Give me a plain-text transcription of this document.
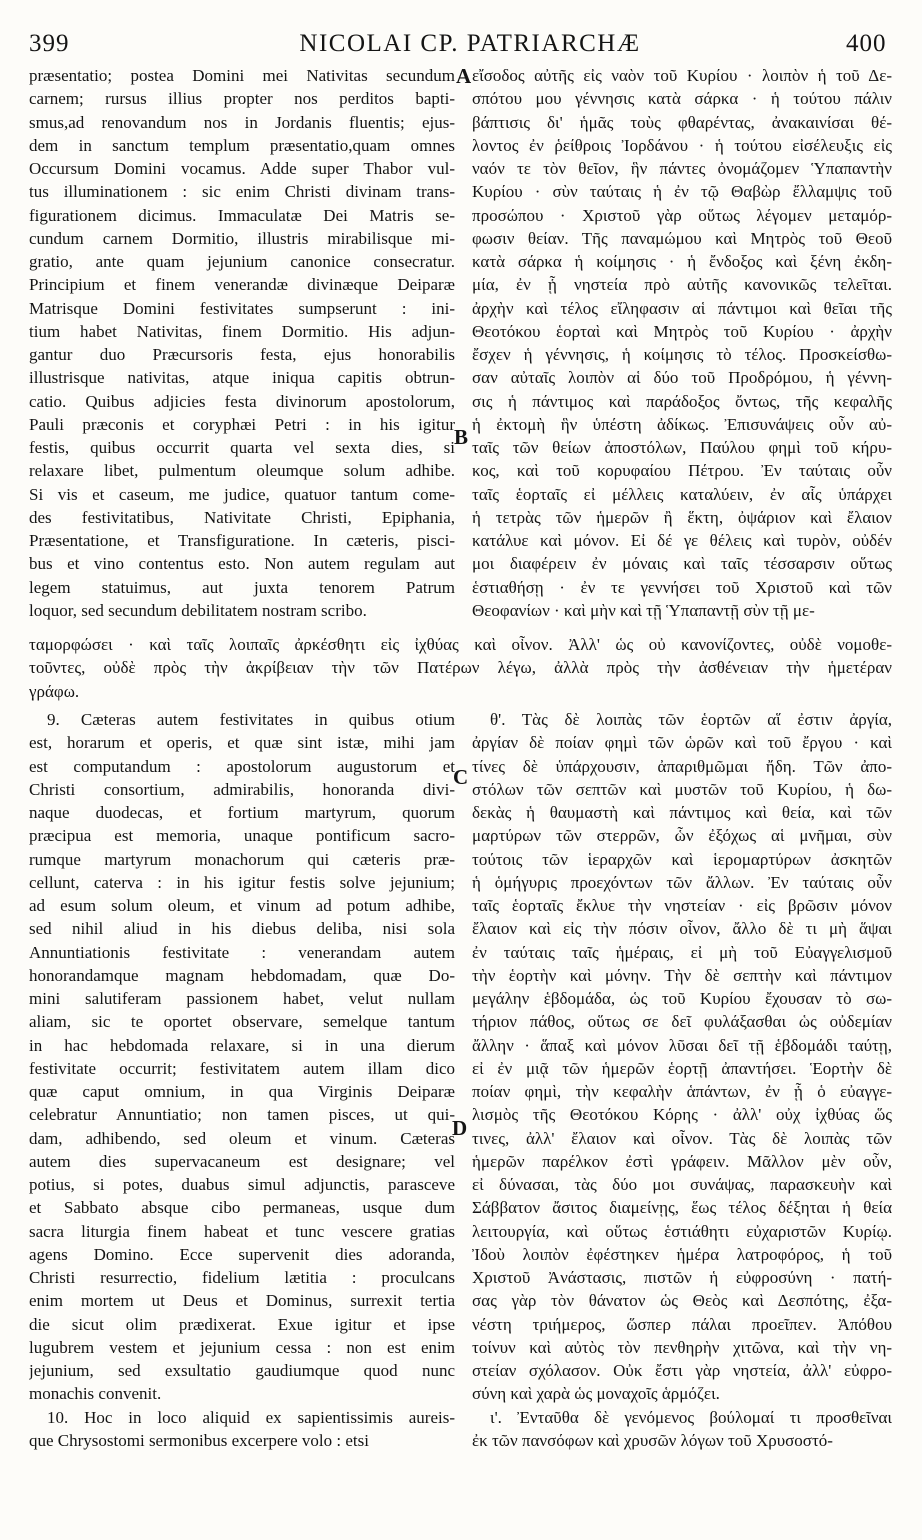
399	NICOLAI CP. PATRIARCHÆ	400
A
B
C
D
præsentatio; postea Domini mei Nativitas secundum
carnem; rursus illius propter nos perditos bapti-
smus,ad renovandum nos in Jordanis fluentis; ejus-
dem in sanctum templum præsentatio,quam omnes
Occursum Domini vocamus. Adde super Thabor vul-
tus illuminationem : sic enim Christi divinam trans-
figurationem dicimus. Immaculatæ Dei Matris se-
cundum carnem Dormitio, illustris mirabilisque mi-
gratio, ante quam jejunium canonice consecratur.
Principium et finem venerandæ divinæque Deiparæ
Matrisque Domini festivitates sumpserunt : ini-
tium habet Nativitas, finem Dormitio. His adjun-
gantur duo Præcursoris festa, ejus honorabilis
illustrisque nativitas, atque iniqua capitis obtrun-
catio. Quibus adjicies festa divinorum apostolorum,
Pauli præconis et coryphæi Petri : in his igitur
festis, quibus occurrit quarta vel sexta dies, si
relaxare libet, pulmentum oleumque solum adhibe.
Si vis et caseum, me judice, quatuor tantum come-
des festivitatibus, Nativitate Christi, Epiphania,
Præsentatione, et Transfiguratione. In cæteris, pisci-
bus et vino contentus esto. Non autem regulam aut
legem statuimus, aut juxta tenorem Patrum
loquor, sed secundum debilitatem nostram scribo.
εἴσοδος αὐτῆς εἰς ναὸν τοῦ Κυρίου · λοιπὸν ἡ τοῦ Δε-
σπότου μου γέννησις κατὰ σάρκα · ἡ τούτου πάλιν
βάπτισις δι' ἡμᾶς τοὺς φθαρέντας, ἀνακαινίσαι θέ-
λοντος ἐν ῥείθροις Ἰορδάνου · ἡ τούτου εἰσέλευξις εἰς
ναόν τε τὸν θεῖον, ἣν πάντες ὀνομάζομεν Ὑπαπαντὴν
Κυρίου · σὺν ταύταις ἡ ἐν τῷ Θαβὼρ ἔλλαμψις τοῦ
προσώπου · Χριστοῦ γὰρ οὕτως λέγομεν μεταμόρ-
φωσιν θείαν. Τῆς παναμώμου καὶ Μητρὸς τοῦ Θεοῦ
κατὰ σάρκα ἡ κοίμησις · ἡ ἔνδοξος καὶ ξένη ἐκδη-
μία, ἐν ᾗ νηστεία πρὸ αὐτῆς κανονικῶς τελεῖται.
ἀρχὴν καὶ τέλος εἴληφασιν αἱ πάντιμοι καὶ θεῖαι τῆς
Θεοτόκου ἑορταὶ καὶ Μητρὸς τοῦ Κυρίου · ἀρχὴν
ἔσχεν ἡ γέννησις, ἡ κοίμησις τὸ τέλος. Προσκείσθω-
σαν αὐταῖς λοιπὸν αἱ δύο τοῦ Προδρόμου, ἡ γέννη-
σις ἡ πάντιμος καὶ παράδοξος ὄντως, τῆς κεφαλῆς
ἡ ἐκτομὴ ἣν ὑπέστη ἀδίκως. Ἐπισυνάψεις οὖν αὐ-
ταῖς τῶν θείων ἀποστόλων, Παύλου φημὶ τοῦ κήρυ-
κος, καὶ τοῦ κορυφαίου Πέτρου. Ἐν ταύταις οὖν
ταῖς ἑορταῖς εἰ μέλλεις καταλύειν, ἐν αἷς ὑπάρχει
ἡ τετρὰς τῶν ἡμερῶν ἢ ἕκτη, ὀψάριον καὶ ἔλαιον
κατάλυε καὶ μόνον. Εἰ δέ γε θέλεις καὶ τυρὸν, οὐδέν
μοι διαφέρειν ἐν μόναις καὶ ταῖς τέσσαρσιν οὕτως
ἑστιαθήσῃ · ἐν τε γεννήσει τοῦ Χριστοῦ καὶ τῶν
Θεοφανίων · καὶ μὴν καὶ τῇ Ὑπαπαντῇ σὺν τῇ με-
ταμορφώσει · καὶ ταῖς λοιπαῖς ἀρκέσθητι εἰς ἰχθύας καὶ οἶνον. Ἀλλ' ὡς οὐ κανονίζοντες, οὐδὲ νομοθε-
τοῦντες, οὐδὲ πρὸς τὴν ἀκρίβειαν τὴν τῶν Πατέρων λέγω, ἀλλὰ πρὸς τὴν ἀσθένειαν τὴν ἡμετέραν
γράφω.
9. Cæteras autem festivitates in quibus otium
est, horarum et operis, et quæ sint istæ, mihi jam
est computandum : apostolorum augustorum et
Christi consortium, admirabilis, honoranda divi-
naque duodecas, et fortium martyrum, quorum
præcipua est memoria, unaque pontificum sacro-
rumque martyrum monachorum qui cæteris præ-
cellunt, caterva : in his igitur festis solve jejunium;
ad esum solum oleum, et vinum ad potum adhibe,
sed nihil aliud in his diebus deliba, nisi sola
Annuntiationis festivitate : venerandam autem
honorandamque magnam hebdomadam, quæ Do-
mini salutiferam passionem habet, velut nullam
aliam, sic te oportet observare, semelque tantum
in hac hebdomada relaxare, si in una dierum
festivitate occurrit; festivitatem autem illam dico
quæ caput omnium, in qua Virginis Deiparæ
celebratur Annuntiatio; non tamen pisces, ut qui-
dam, adhibendo, sed oleum et vinum. Cæteras
autem dies supervacaneum est designare; vel
potius, si potes, duabus simul adjunctis, parasceve
et Sabbato absque cibo permaneas, usque dum
sacra liturgia finem habeat et tunc vescere gratias
agens Domino. Ecce supervenit dies adoranda,
Christi resurrectio, fidelium lætitia : proculcans
enim mortem ut Deus et Dominus, surrexit tertia
die sicut olim prædixerat. Exue igitur et ipse
lugubrem vestem et jejunium cessa : non est enim
jejunium, sed exsultatio gaudiumque quod nunc
monachis convenit.
10. Hoc in loco aliquid ex sapientissimis aureis-
que Chrysostomi sermonibus excerpere volo : etsi
θ'. Τὰς δὲ λοιπὰς τῶν ἑορτῶν αἵ ἐστιν ἀργία,
ἀργίαν δὲ ποίαν φημὶ τῶν ὡρῶν καὶ τοῦ ἔργου · καὶ
τίνες δὲ ὑπάρχουσιν, ἀπαριθμῶμαι ἤδη. Τῶν ἀπο-
στόλων τῶν σεπτῶν καὶ μυστῶν τοῦ Κυρίου, ἡ δω-
δεκὰς ἡ θαυμαστὴ καὶ πάντιμος καὶ θεία, καὶ τῶν
μαρτύρων τῶν στερρῶν, ὧν ἐξόχως αἱ μνῆμαι, σὺν
τούτοις τῶν ἱεραρχῶν καὶ ἱερομαρτύρων ἀσκητῶν
ἡ ὁμήγυρις προεχόντων τῶν ἄλλων. Ἐν ταύταις οὖν
ταῖς ἑορταῖς ἔκλυε τὴν νηστείαν · εἰς βρῶσιν μόνον
ἔλαιον καὶ εἰς τὴν πόσιν οἶνον, ἄλλο δὲ τι μὴ ἅψαι
ἐν ταύταις ταῖς ἡμέραις, εἰ μὴ τοῦ Εὐαγγελισμοῦ
τὴν ἑορτὴν καὶ μόνην. Τὴν δὲ σεπτὴν καὶ πάντιμον
μεγάλην ἑβδομάδα, ὡς τοῦ Κυρίου ἔχουσαν τὸ σω-
τήριον πάθος, οὕτως σε δεῖ φυλάξασθαι ὡς οὐδεμίαν
ἄλλην · ἅπαξ καὶ μόνον λῦσαι δεῖ τῇ ἑβδομάδι ταύτῃ,
εἰ ἐν μιᾷ τῶν ἡμερῶν ἑορτῇ ἀπαντήσει. Ἑορτὴν δὲ
ποίαν φημὶ, τὴν κεφαλὴν ἁπάντων, ἐν ᾗ ὁ εὐαγγε-
λισμὸς τῆς Θεοτόκου Κόρης · ἀλλ' οὐχ ἰχθύας ὥς
τινες, ἀλλ' ἔλαιον καὶ οἶνον. Τὰς δὲ λοιπὰς τῶν
ἡμερῶν παρέλκον ἐστὶ γράφειν. Μᾶλλον μὲν οὖν,
εἰ δύνασαι, τὰς δύο μοι συνάψας, παρασκευὴν καὶ
Σάββατον ἄσιτος διαμείνῃς, ἕως τέλος δέξηται ἡ θεία
λειτουργία, καὶ οὕτως ἑστιάθητι εὐχαριστῶν Κυρίῳ.
Ἰδοὺ λοιπὸν ἐφέστηκεν ἡμέρα λατροφόρος, ἡ τοῦ
Χριστοῦ Ἀνάστασις, πιστῶν ἡ εὐφροσύνη · πατή-
σας γὰρ τὸν θάνατον ὡς Θεὸς καὶ Δεσπότης, ἐξα-
νέστη τριήμερος, ὥσπερ πάλαι προεῖπεν. Ἀπόθου
τοίνυν καὶ αὐτὸς τὸν πενθηρὴν χιτῶνα, καὶ τὴν νη-
στείαν σχόλασον. Οὐκ ἔστι γὰρ νηστεία, ἀλλ' εὐφρο-
σύνη καὶ χαρὰ ὡς μοναχοῖς ἁρμόζει.
ι'. Ἐνταῦθα δὲ γενόμενος βούλομαί τι προσθεῖναι
ἐκ τῶν πανσόφων καὶ χρυσῶν λόγων τοῦ Χρυσοστό-
